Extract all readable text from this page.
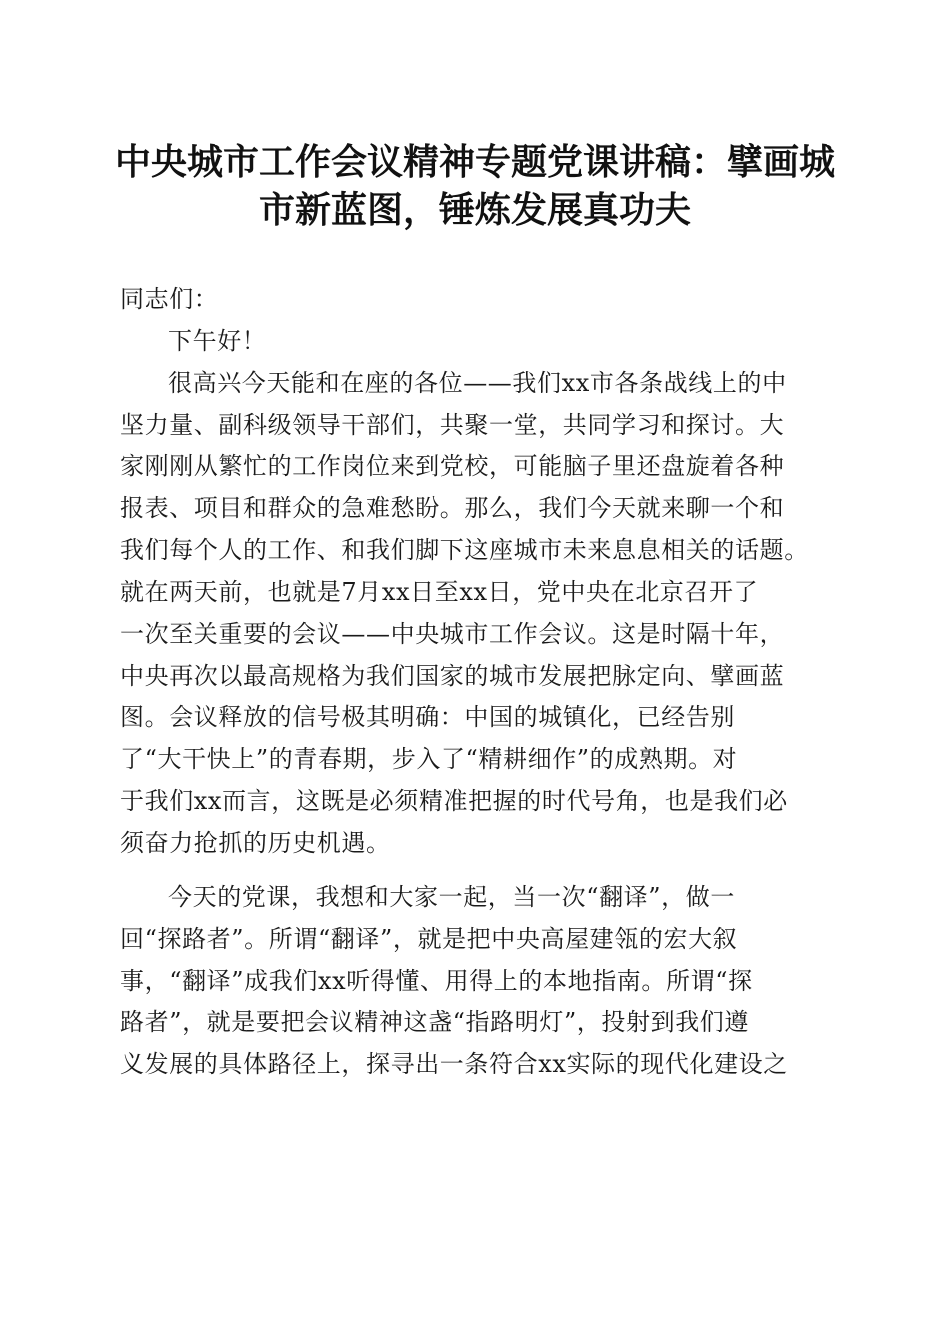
中央城市工作会议精神专题党课讲稿：擘画城
市新蓝图，锤炼发展真功夫
同志们：
下午好！
很高兴今天能和在座的各位——我们xx市各条战线上的中
坚力量、副科级领导干部们，共聚一堂，共同学习和探讨。大
家刚刚从繁忙的工作岗位来到党校，可能脑子里还盘旋着各种
报表、项目和群众的急难愁盼。那么，我们今天就来聊一个和
我们每个人的工作、和我们脚下这座城市未来息息相关的话题。
就在两天前，也就是7月xx日至xx日，党中央在北京召开了
一次至关重要的会议——中央城市工作会议。这是时隔十年，
中央再次以最高规格为我们国家的城市发展把脉定向、擘画蓝
图。会议释放的信号极其明确：中国的城镇化，已经告别
了“大干快上”的青春期，步入了“精耕细作”的成熟期。对
于我们xx而言，这既是必须精准把握的时代号角，也是我们必
须奋力抢抓的历史机遇。
今天的党课，我想和大家一起，当一次“翻译”，做一
回“探路者”。所谓“翻译”，就是把中央高屋建瓴的宏大叙
事，“翻译”成我们xx听得懂、用得上的本地指南。所谓“探
路者”，就是要把会议精神这盏“指路明灯”，投射到我们遵
义发展的具体路径上，探寻出一条符合xx实际的现代化建设之
